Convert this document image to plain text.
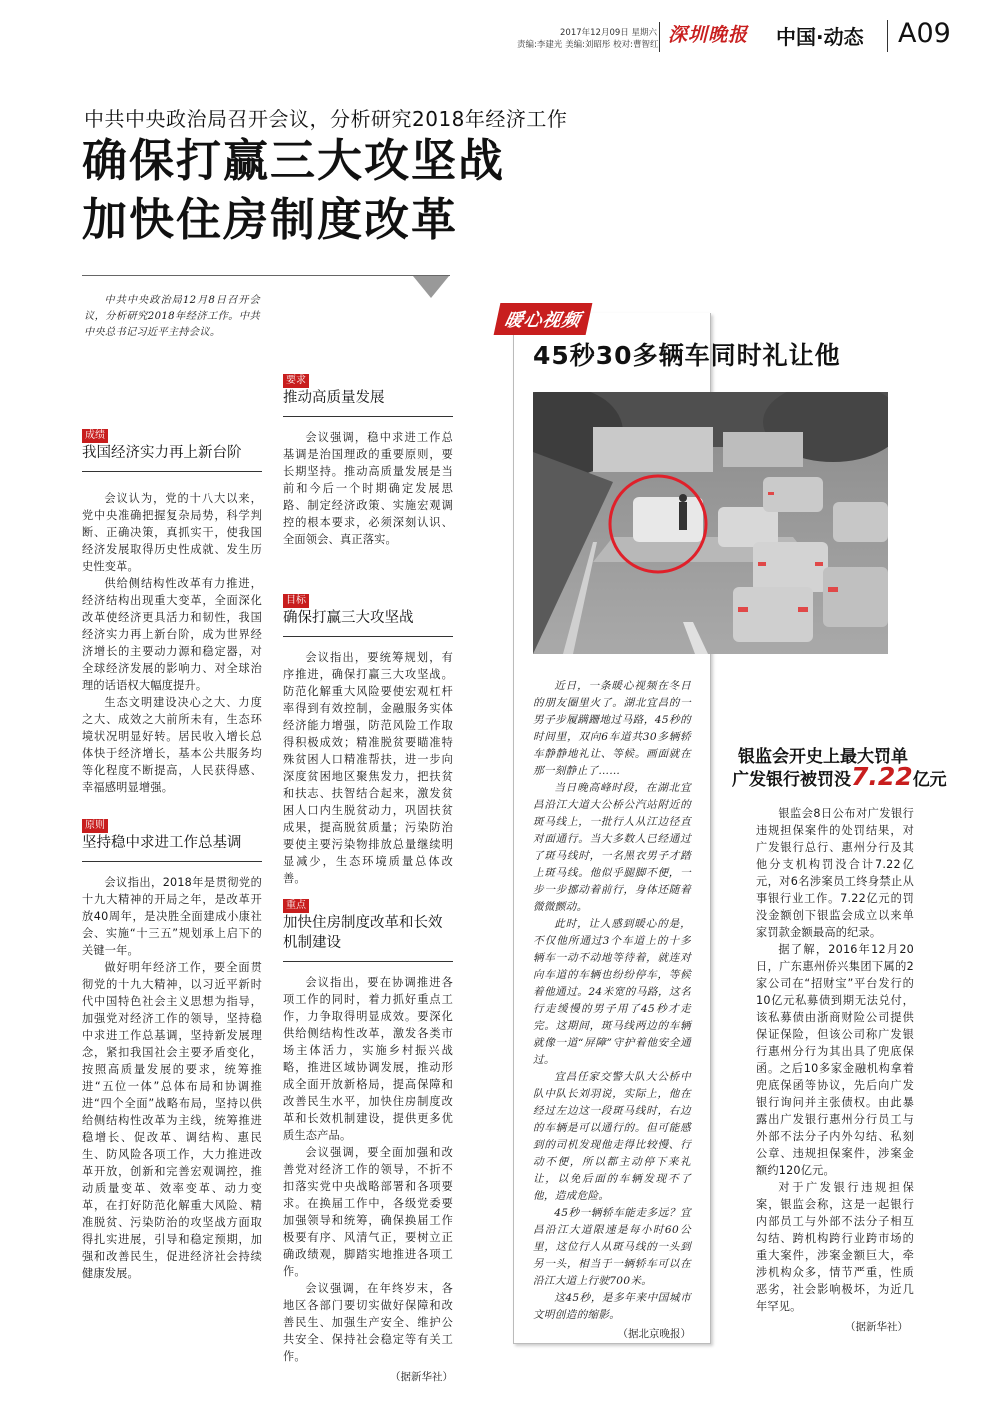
2017年12月09日 星期六
责编:李建光 美编:刘昭彤 校对:曹智红 深圳晚报 中国·动态 A09
中共中央政治局召开会议，分析研究2018年经济工作
确保打赢三大攻坚战
加快住房制度改革

中共中央政治局12月8日召开会议，分析研究2018年经济工作。中共中央总书记习近平主持会议。

成绩
我国经济实力再上新台阶

会议认为，党的十八大以来，党中央准确把握复杂局势，科学判断、正确决策，真抓实干，使我国经济发展取得历史性成就、发生历史性变革。

供给侧结构性改革有力推进，经济结构出现重大变革，全面深化改革使经济更具活力和韧性，我国经济实力再上新台阶，成为世界经济增长的主要动力源和稳定器，对全球经济发展的影响力、对全球治理的话语权大幅度提升。

生态文明建设决心之大、力度之大、成效之大前所未有，生态环境状况明显好转。居民收入增长总体快于经济增长，基本公共服务均等化程度不断提高，人民获得感、幸福感明显增强。

原则
坚持稳中求进工作总基调

会议指出，2018年是贯彻党的十九大精神的开局之年，是改革开放40周年，是决胜全面建成小康社会、实施“十三五”规划承上启下的关键一年。

做好明年经济工作，要全面贯彻党的十九大精神，以习近平新时代中国特色社会主义思想为指导，加强党对经济工作的领导，坚持稳中求进工作总基调，坚持新发展理念，紧扣我国社会主要矛盾变化，按照高质量发展的要求，统筹推进“五位一体”总体布局和协调推进“四个全面”战略布局，坚持以供给侧结构性改革为主线，统筹推进稳增长、促改革、调结构、惠民生、防风险各项工作，大力推进改革开放，创新和完善宏观调控，推动质量变革、效率变革、动力变革，在打好防范化解重大风险、精准脱贫、污染防治的攻坚战方面取得扎实进展，引导和稳定预期，加强和改善民生，促进经济社会持续健康发展。

要求
推动高质量发展

会议强调，稳中求进工作总基调是治国理政的重要原则，要长期坚持。推动高质量发展是当前和今后一个时期确定发展思路、制定经济政策、实施宏观调控的根本要求，必须深刻认识、全面领会、真正落实。

目标
确保打赢三大攻坚战

会议指出，要统筹规划，有序推进，确保打赢三大攻坚战。防范化解重大风险要使宏观杠杆率得到有效控制，金融服务实体经济能力增强，防范风险工作取得积极成效；精准脱贫要瞄准特殊贫困人口精准帮扶，进一步向深度贫困地区聚焦发力，把扶贫和扶志、扶智结合起来，激发贫困人口内生脱贫动力，巩固扶贫成果，提高脱贫质量；污染防治要使主要污染物排放总量继续明显减少，生态环境质量总体改善。

重点
加快住房制度改革和长效机制建设

会议指出，要在协调推进各项工作的同时，着力抓好重点工作，力争取得明显成效。要深化供给侧结构性改革，激发各类市场主体活力，实施乡村振兴战略，推进区域协调发展，推动形成全面开放新格局，提高保障和改善民生水平，加快住房制度改革和长效机制建设，提供更多优质生态产品。

会议强调，要全面加强和改善党对经济工作的领导，不折不扣落实党中央战略部署和各项要求。在换届工作中，各级党委要加强领导和统筹，确保换届工作极要有序、风清气正，要树立正确政绩观，脚踏实地推进各项工作。

会议强调，在年终岁末，各地区各部门要切实做好保障和改善民生、加强生产安全、维护公共安全、保持社会稳定等有关工作。

（据新华社）
暖心视频
45秒30多辆车同时礼让他

近日，一条暖心视频在冬日的朋友圈里火了。湖北宜昌的一男子步履蹒跚地过马路，45秒的时间里，双向6车道共30多辆轿车静静地礼让、等候。画面就在那一刻静止了……

当日晚高峰时段，在湖北宜昌沿江大道大公桥公汽站附近的斑马线上，一批行人从江边径直对面通行。当大多数人已经通过了斑马线时，一名黑衣男子才踏上斑马线。他似乎腿脚不便，一步一步挪动着前行，身体还随着微微颤动。

此时，让人感到暖心的是，不仅他所通过3个车道上的十多辆车一动不动地等待着，就连对向车道的车辆也纷纷停车，等候着他通过。24米宽的马路，这名行走缓慢的男子用了45秒才走完。这期间，斑马线两边的车辆就像一道“屏障”守护着他安全通过。

宜昌任家交警大队大公桥中队中队长刘羽说，实际上，他在经过左边这一段斑马线时，右边的车辆是可以通行的。但可能感到的司机发现他走得比较慢、行动不便，所以都主动停下来礼让，以免后面的车辆发现不了他，造成危险。

45秒一辆轿车能走多远？宜昌沿江大道限速是每小时60公里，这位行人从斑马线的一头到另一头，相当于一辆轿车可以在沿江大道上行驶700米。

这45秒，是多年来中国城市文明创造的缩影。

（据北京晚报）
银监会开史上最大罚单
广发银行被罚没7.22亿元

银监会8日公布对广发银行违规担保案件的处罚结果，对广发银行总行、惠州分行及其他分支机构罚没合计7.22亿元，对6名涉案员工终身禁止从事银行业工作。7.22亿元的罚没金额创下银监会成立以来单家罚款金额最高的纪录。

据了解，2016年12月20日，广东惠州侨兴集团下属的2家公司在“招财宝”平台发行的10亿元私募债到期无法兑付，该私募债由浙商财险公司提供保证保险，但该公司称广发银行惠州分行为其出具了兜底保函。之后10多家金融机构拿着兜底保函等协议，先后向广发银行询问并主张债权。由此暴露出广发银行惠州分行员工与外部不法分子内外勾结、私刻公章、违规担保案件，涉案金额约120亿元。

对于广发银行违规担保案，银监会称，这是一起银行内部员工与外部不法分子相互勾结、跨机构跨行业跨市场的重大案件，涉案金额巨大，牵涉机构众多，情节严重，性质恶劣，社会影响极坏，为近几年罕见。

（据新华社）
